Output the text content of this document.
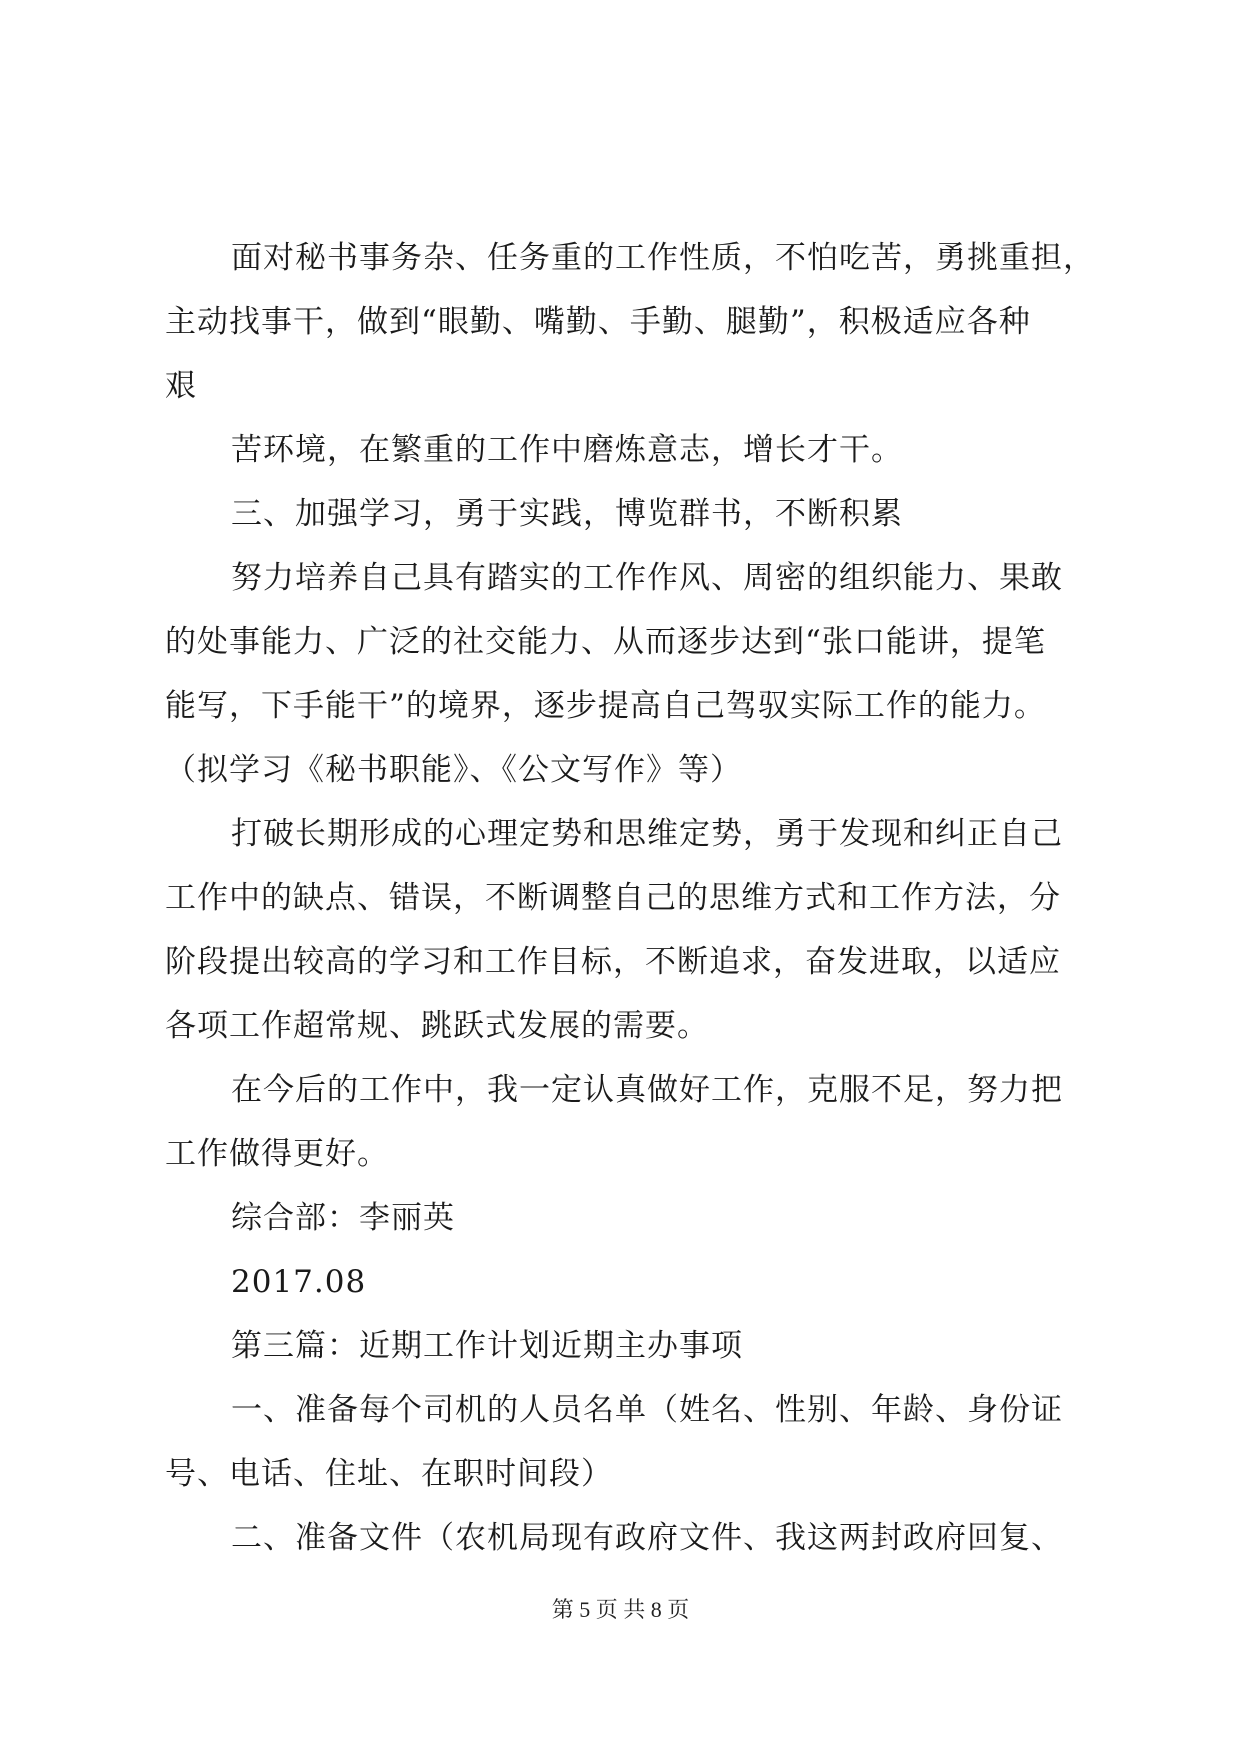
面对秘书事务杂、任务重的工作性质，不怕吃苦，勇挑重担，
主动找事干，做到“眼勤、嘴勤、手勤、腿勤”，积极适应各种
艰
苦环境，在繁重的工作中磨炼意志，增长才干。
三、加强学习，勇于实践，博览群书，不断积累
努力培养自己具有踏实的工作作风、周密的组织能力、果敢
的处事能力、广泛的社交能力、从而逐步达到“张口能讲，提笔
能写，下手能干”的境界，逐步提高自己驾驭实际工作的能力。
（拟学习《秘书职能》、《公文写作》等）
打破长期形成的心理定势和思维定势，勇于发现和纠正自己
工作中的缺点、错误，不断调整自己的思维方式和工作方法，分
阶段提出较高的学习和工作目标，不断追求，奋发进取，以适应
各项工作超常规、跳跃式发展的需要。
在今后的工作中，我一定认真做好工作，克服不足，努力把
工作做得更好。
综合部：李丽英
2017.08
第三篇：近期工作计划近期主办事项
一、准备每个司机的人员名单（姓名、性别、年龄、身份证
号、电话、住址、在职时间段）
二、准备文件（农机局现有政府文件、我这两封政府回复、
第 5 页 共 8 页
